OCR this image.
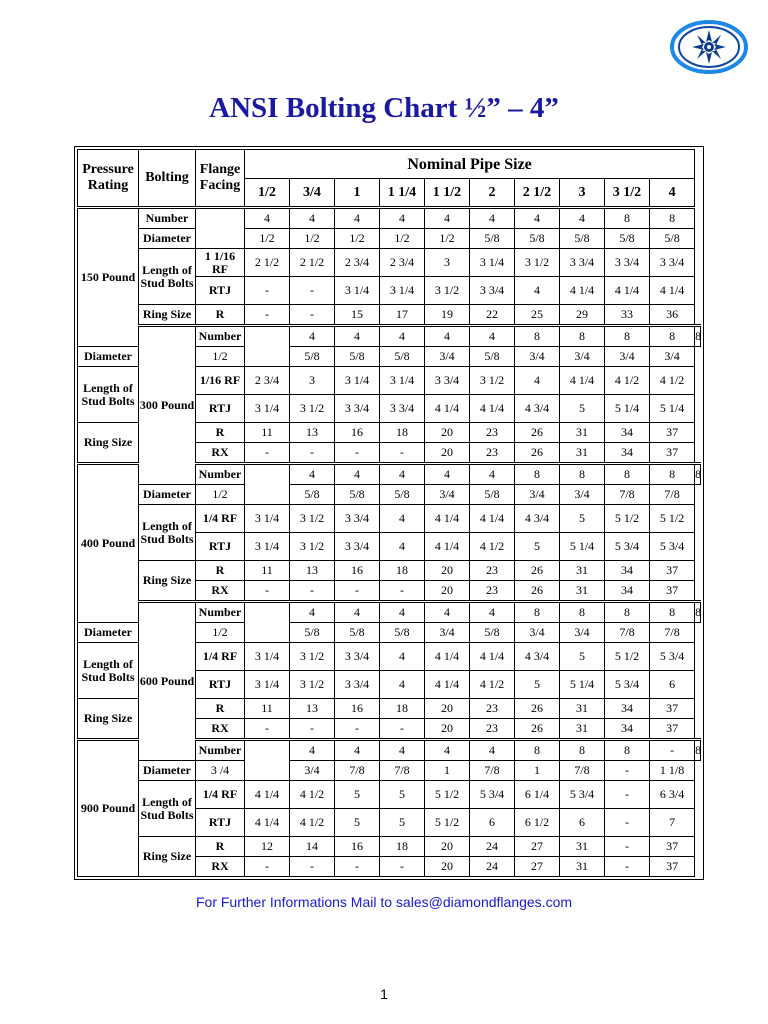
ANSI Bolting Chart ½” – 4”
Pressure Rating	Bolting	Flange Facing	Nominal Pipe Size										
			1/2	3/4	1	1 1/4	1 1/2	2	2 1/2	3	3 1/2	4	
150 Pound	Number		4	4	4	4	4	4	4	4	8	8	
	Diameter		1/2	1/2	1/2	1/2	1/2	5/8	5/8	5/8	5/8	5/8	
	Length of Stud Bolts	1 1/16 RF	2 1/2	2 1/2	2 3/4	2 3/4	3	3 1/4	3 1/2	3 3/4	3 3/4	3 3/4	
		RTJ	-	-	3 1/4	3 1/4	3 1/2	3 3/4	4	4 1/4	4 1/4	4 1/4	
	Ring Size	R	-	-	15	17	19	22	25	29	33	36	
	300 Pound	Number		4	4	4	4	4	8	8	8	8	8
Diameter		1/2		5/8	5/8	5/8	3/4	5/8	3/4	3/4	3/4	3/4	
Length of Stud Bolts		1/16 RF	2 3/4	3	3 1/4	3 1/4	3 3/4	3 1/2	4	4 1/4	4 1/2	4 1/2	
		RTJ	3 1/4	3 1/2	3 3/4	3 3/4	4 1/4	4 1/4	4 3/4	5	5 1/4	5 1/4	
Ring Size		R	11	13	16	18	20	23	26	31	34	37	
		RX	-	-	-	-	20	23	26	31	34	37	
400 Pound		Number		4	4	4	4	4	8	8	8	8	8
	Diameter	1/2		5/8	5/8	5/8	3/4	5/8	3/4	3/4	7/8	7/8	
	Length of Stud Bolts	1/4 RF	3 1/4	3 1/2	3 3/4	4	4 1/4	4 1/4	4 3/4	5	5 1/2	5 1/2	
		RTJ	3 1/4	3 1/2	3 3/4	4	4 1/4	4 1/2	5	5 1/4	5 3/4	5 3/4	
	Ring Size	R	11	13	16	18	20	23	26	31	34	37	
		RX	-	-	-	-	20	23	26	31	34	37	
	600 Pound	Number		4	4	4	4	4	8	8	8	8	8
Diameter		1/2		5/8	5/8	5/8	3/4	5/8	3/4	3/4	7/8	7/8	
Length of Stud Bolts		1/4 RF	3 1/4	3 1/2	3 3/4	4	4 1/4	4 1/4	4 3/4	5	5 1/2	5 3/4	
		RTJ	3 1/4	3 1/2	3 3/4	4	4 1/4	4 1/2	5	5 1/4	5 3/4	6	
Ring Size		R	11	13	16	18	20	23	26	31	34	37	
		RX	-	-	-	-	20	23	26	31	34	37	
900 Pound		Number		4	4	4	4	4	8	8	8	-	8
	Diameter	3 /4		3/4	7/8	7/8	1	7/8	1	7/8	-	1 1/8	
	Length of Stud Bolts	1/4 RF	4 1/4	4 1/2	5	5	5 1/2	5 3/4	6 1/4	5 3/4	-	6 3/4	
		RTJ	4 1/4	4 1/2	5	5	5 1/2	6	6 1/2	6	-	7	
	Ring Size	R	12	14	16	18	20	24	27	31	-	37	
		RX	-	-	-	-	20	24	27	31	-	37	
For Further Informations Mail to sales@diamondflanges.com
1
